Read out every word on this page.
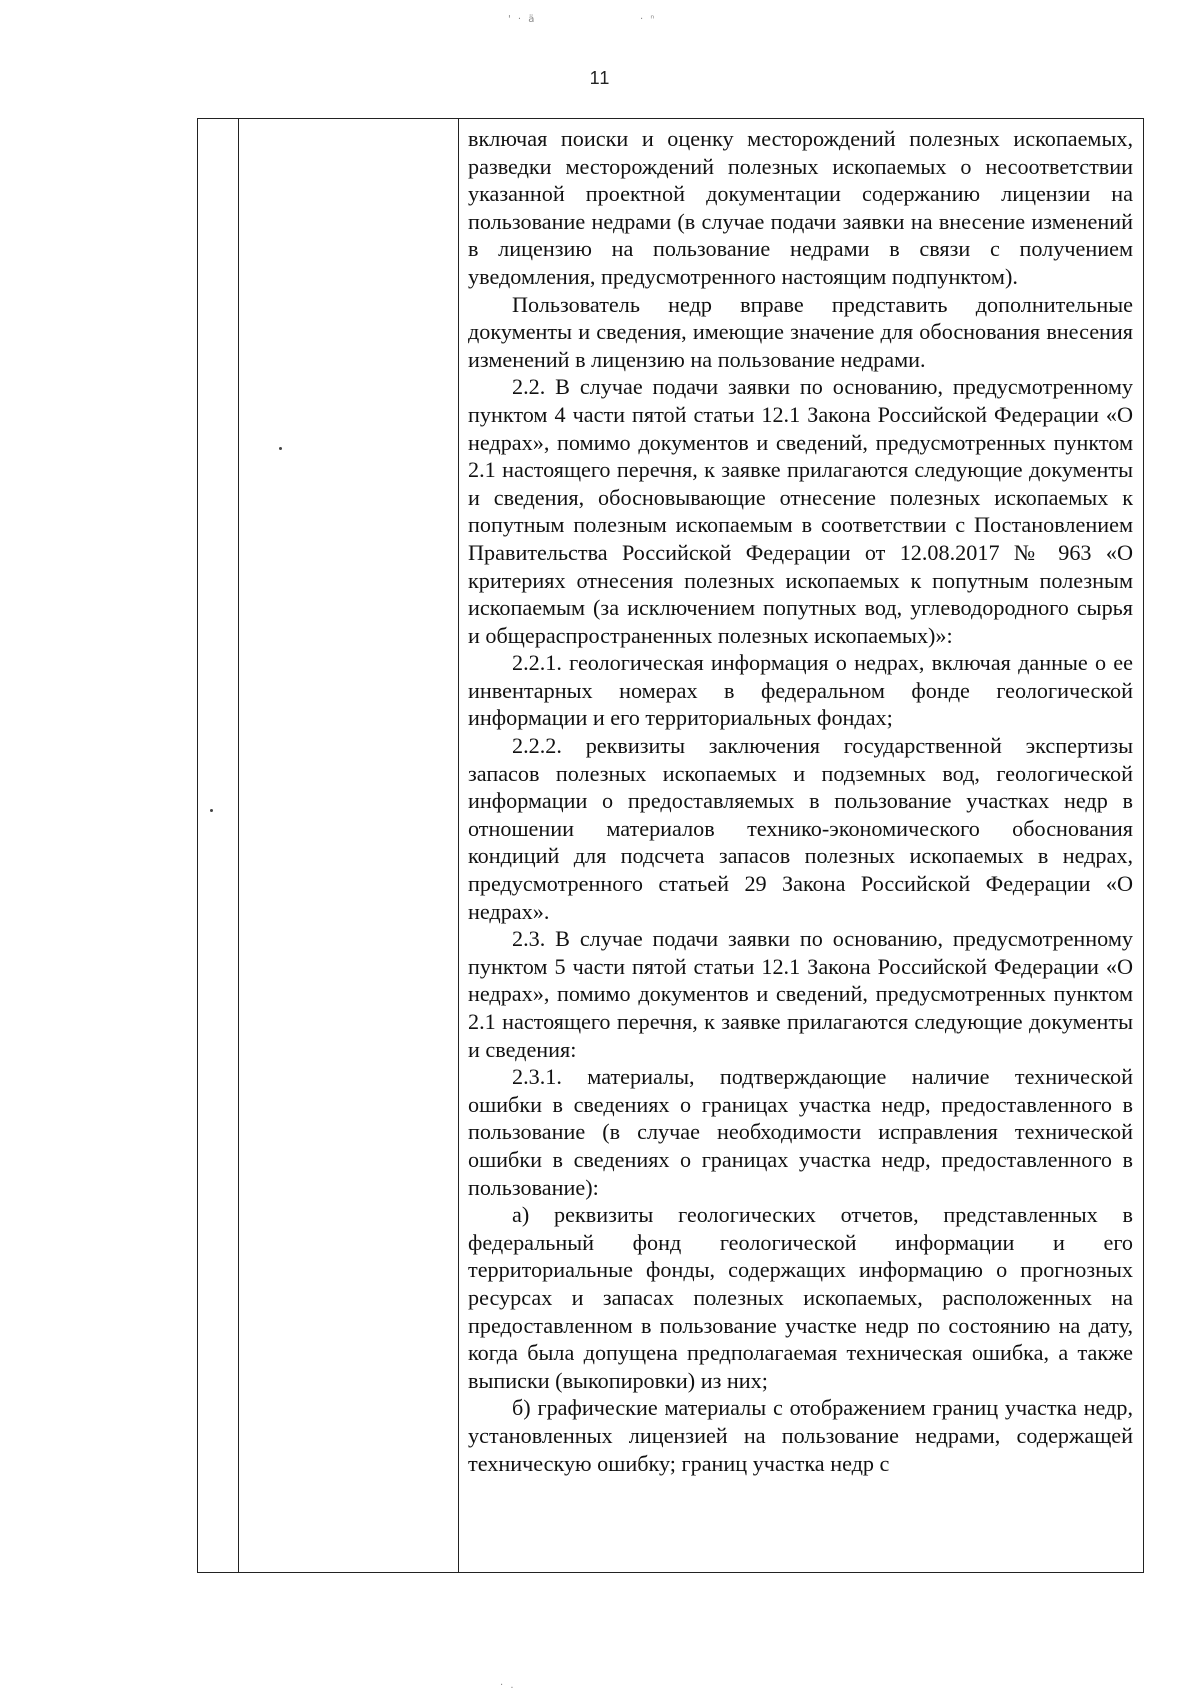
' · ä	· ⁿ
11

включая поиски и оценку месторождений полезных ископаемых, разведки месторождений полезных ископаемых о несоответствии указанной проектной документации содержанию лицензии на пользование недрами (в случае подачи заявки на внесение изменений в лицензию на пользование недрами в связи с получением уведомления, предусмотренного настоящим подпунктом).

Пользователь недр вправе представить дополнительные документы и сведения, имеющие значение для обоснования внесения изменений в лицензию на пользование недрами.

2.2. В случае подачи заявки по основанию, предусмотренному пунктом 4 части пятой статьи 12.1 Закона Российской Федерации «О недрах», помимо документов и сведений, предусмотренных пунктом 2.1 настоящего перечня, к заявке прилагаются следующие документы и сведения, обосновывающие отнесение полезных ископаемых к попутным полезным ископаемым в соответствии с Постановлением Правительства Российской Федерации от 12.08.2017 № 963 «О критериях отнесения полезных ископаемых к попутным полезным ископаемым (за исключением попутных вод, углеводородного сырья и общераспространенных полезных ископаемых)»:

2.2.1. геологическая информация о недрах, включая данные о ее инвентарных номерах в федеральном фонде геологической информации и его территориальных фондах;

2.2.2. реквизиты заключения государственной экспертизы запасов полезных ископаемых и подземных вод, геологической информации о предоставляемых в пользование участках недр в отношении материалов технико-экономического обоснования кондиций для подсчета запасов полезных ископаемых в недрах, предусмотренного статьей 29 Закона Российской Федерации «О недрах».

2.3. В случае подачи заявки по основанию, предусмотренному пунктом 5 части пятой статьи 12.1 Закона Российской Федерации «О недрах», помимо документов и сведений, предусмотренных пунктом 2.1 настоящего перечня, к заявке прилагаются следующие документы и сведения:

2.3.1. материалы, подтверждающие наличие технической ошибки в сведениях о границах участка недр, предоставленного в пользование (в случае необходимости исправления технической ошибки в сведениях о границах участка недр, предоставленного в пользование):

а) реквизиты геологических отчетов, представленных в федеральный фонд геологической информации и его территориальные фонды, содержащих информацию о прогнозных ресурсах и запасах полезных ископаемых, расположенных на предоставленном в пользование участке недр по состоянию на дату, когда была допущена предполагаемая техническая ошибка, а также выписки (выкопировки) из них;

б) графические материалы с отображением границ участка недр, установленных лицензией на пользование недрами, содержащей техническую ошибку; границ участка недр с

· .
